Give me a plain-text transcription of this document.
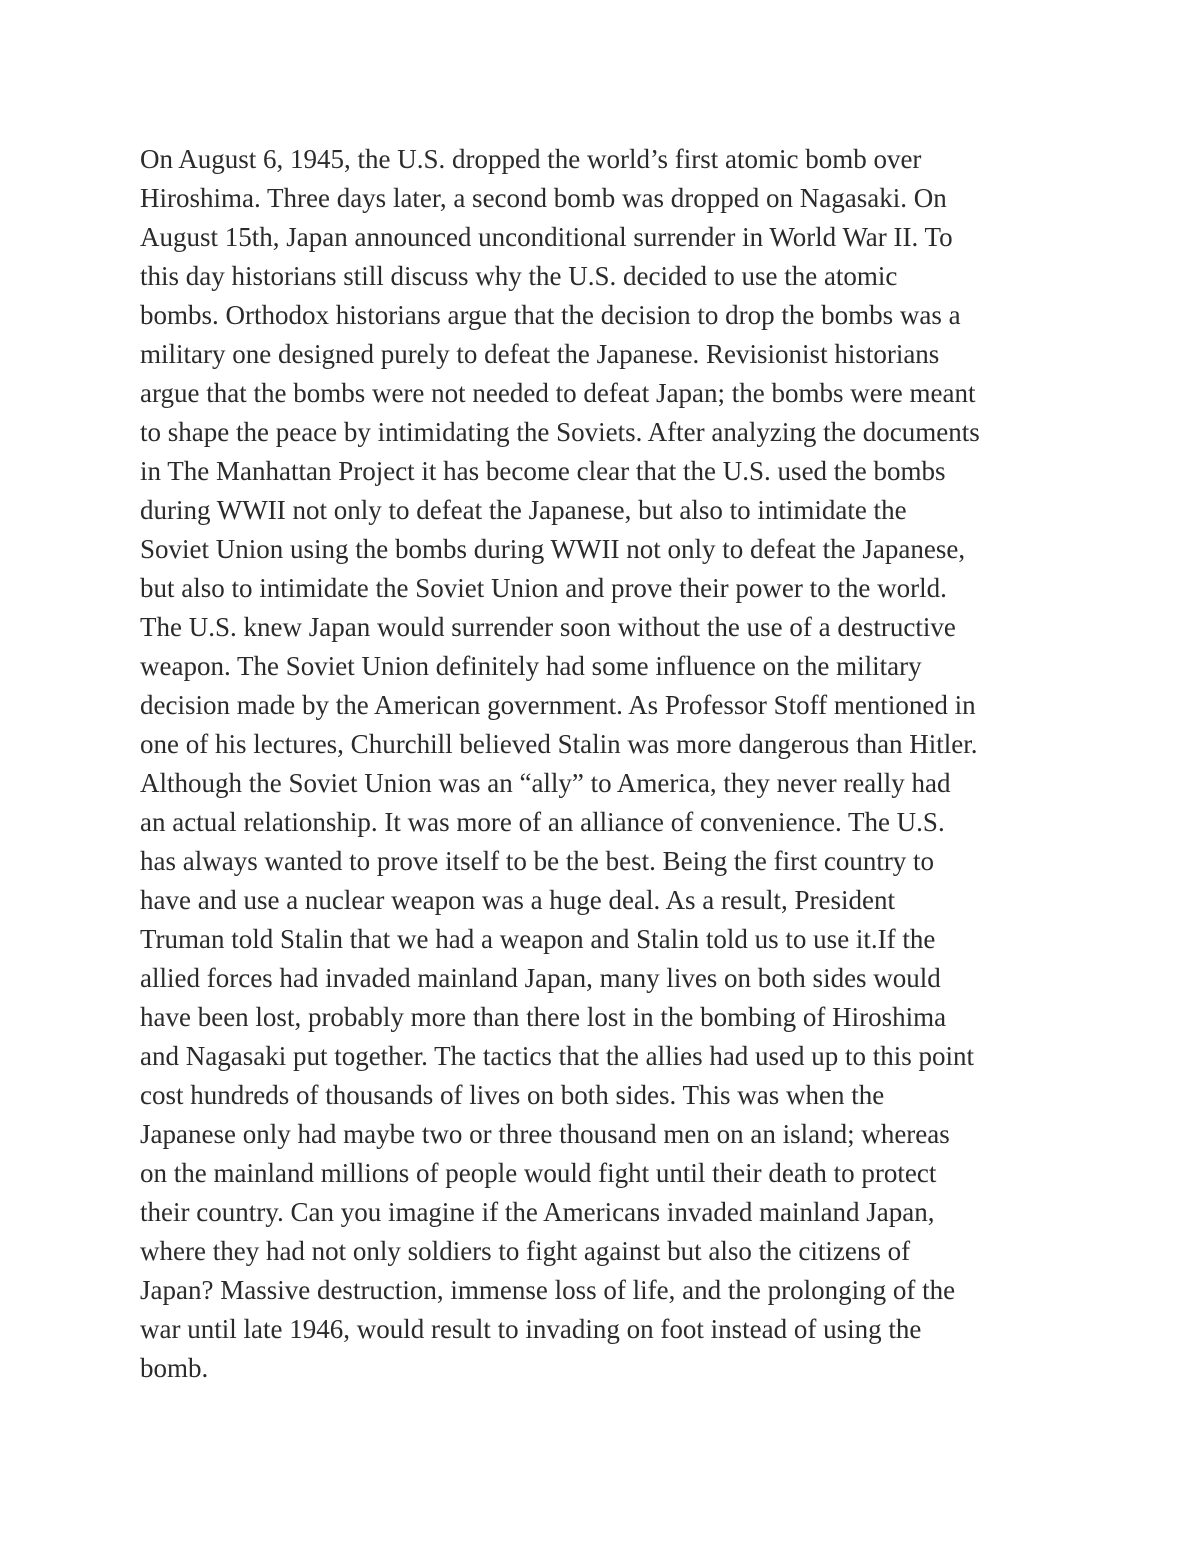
On August 6, 1945, the U.S. dropped the world’s first atomic bomb over
Hiroshima. Three days later, a second bomb was dropped on Nagasaki. On
August 15th, Japan announced unconditional surrender in World War II. To
this day historians still discuss why the U.S. decided to use the atomic
bombs. Orthodox historians argue that the decision to drop the bombs was a
military one designed purely to defeat the Japanese. Revisionist historians
argue that the bombs were not needed to defeat Japan; the bombs were meant
to shape the peace by intimidating the Soviets. After analyzing the documents
in The Manhattan Project it has become clear that the U.S. used the bombs
during WWII not only to defeat the Japanese, but also to intimidate the
Soviet Union using the bombs during WWII not only to defeat the Japanese,
but also to intimidate the Soviet Union and prove their power to the world.
The U.S. knew Japan would surrender soon without the use of a destructive
weapon. The Soviet Union definitely had some influence on the military
decision made by the American government. As Professor Stoff mentioned in
one of his lectures, Churchill believed Stalin was more dangerous than Hitler.
Although the Soviet Union was an “ally” to America, they never really had
an actual relationship. It was more of an alliance of convenience. The U.S.
has always wanted to prove itself to be the best. Being the first country to
have and use a nuclear weapon was a huge deal. As a result, President
Truman told Stalin that we had a weapon and Stalin told us to use it.If the
allied forces had invaded mainland Japan, many lives on both sides would
have been lost, probably more than there lost in the bombing of Hiroshima
and Nagasaki put together. The tactics that the allies had used up to this point
cost hundreds of thousands of lives on both sides. This was when the
Japanese only had maybe two or three thousand men on an island; whereas
on the mainland millions of people would fight until their death to protect
their country. Can you imagine if the Americans invaded mainland Japan,
where they had not only soldiers to fight against but also the citizens of
Japan? Massive destruction, immense loss of life, and the prolonging of the
war until late 1946, would result to invading on foot instead of using the
bomb.
